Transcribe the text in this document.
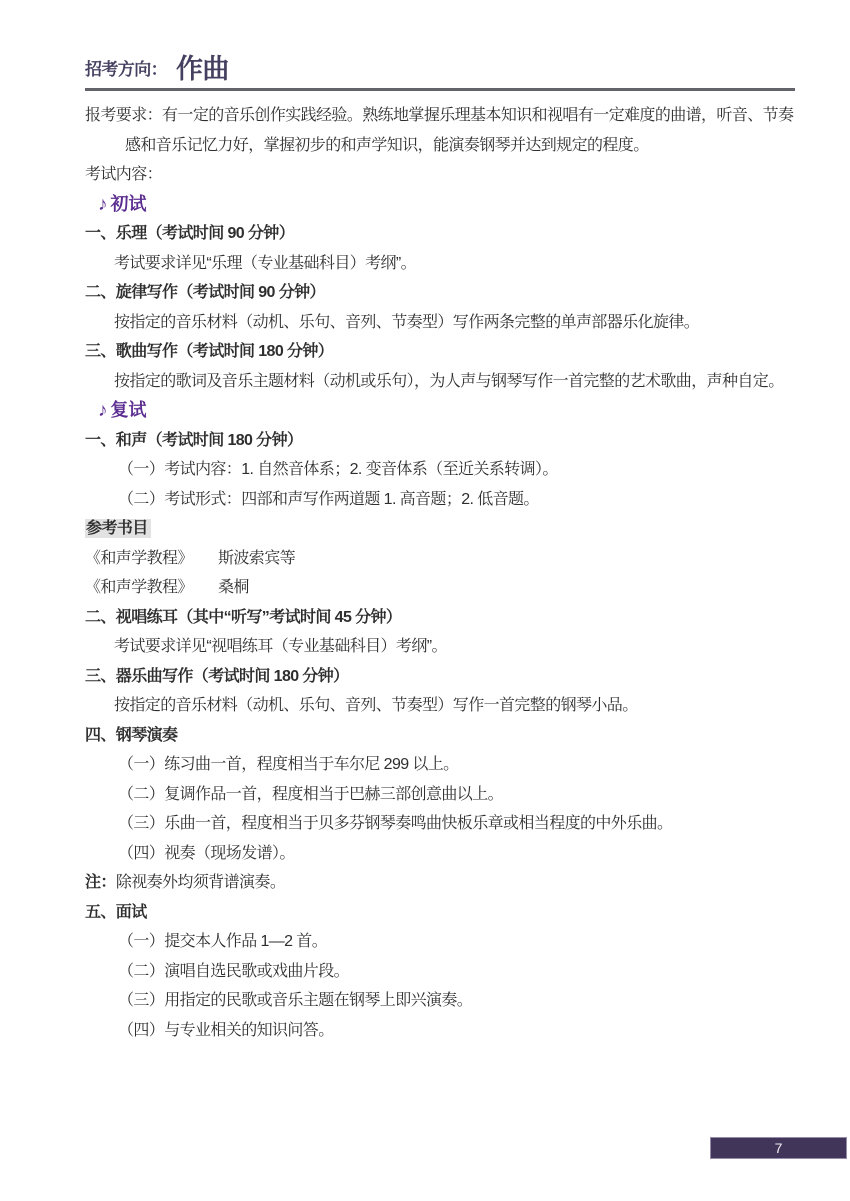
招考方向： 作曲
报考要求：有一定的音乐创作实践经验。熟练地掌握乐理基本知识和视唱有一定难度的曲谱，听音、节奏感和音乐记忆力好，掌握初步的和声学知识，能演奏钢琴并达到规定的程度。
考试内容：
♪ 初试
一、乐理（考试时间 90 分钟）
考试要求详见“乐理（专业基础科目）考纲”。
二、旋律写作（考试时间 90 分钟）
按指定的音乐材料（动机、乐句、音列、节奏型）写作两条完整的单声部器乐化旋律。
三、歌曲写作（考试时间 180 分钟）
按指定的歌词及音乐主题材料（动机或乐句），为人声与钢琴写作一首完整的艺术歌曲，声种自定。
♪ 复试
一、和声（考试时间 180 分钟）
（一）考试内容：1. 自然音体系；2. 变音体系（至近关系转调）。
（二）考试形式：四部和声写作两道题 1. 高音题；2. 低音题。
参考书目
《和声学教程》	斯波索宾等
《和声学教程》	桑桐
二、视唱练耳（其中“听写”考试时间 45 分钟）
考试要求详见“视唱练耳（专业基础科目）考纲”。
三、器乐曲写作（考试时间 180 分钟）
按指定的音乐材料（动机、乐句、音列、节奏型）写作一首完整的钢琴小品。
四、钢琴演奏
（一）练习曲一首，程度相当于车尔尼 299 以上。
（二）复调作品一首，程度相当于巴赫三部创意曲以上。
（三）乐曲一首，程度相当于贝多芬钢琴奏鸣曲快板乐章或相当程度的中外乐曲。
（四）视奏（现场发谱）。
注：除视奏外均须背谱演奏。
五、面试
（一）提交本人作品 1—2 首。
（二）演唱自选民歌或戏曲片段。
（三）用指定的民歌或音乐主题在钢琴上即兴演奏。
（四）与专业相关的知识问答。
7
